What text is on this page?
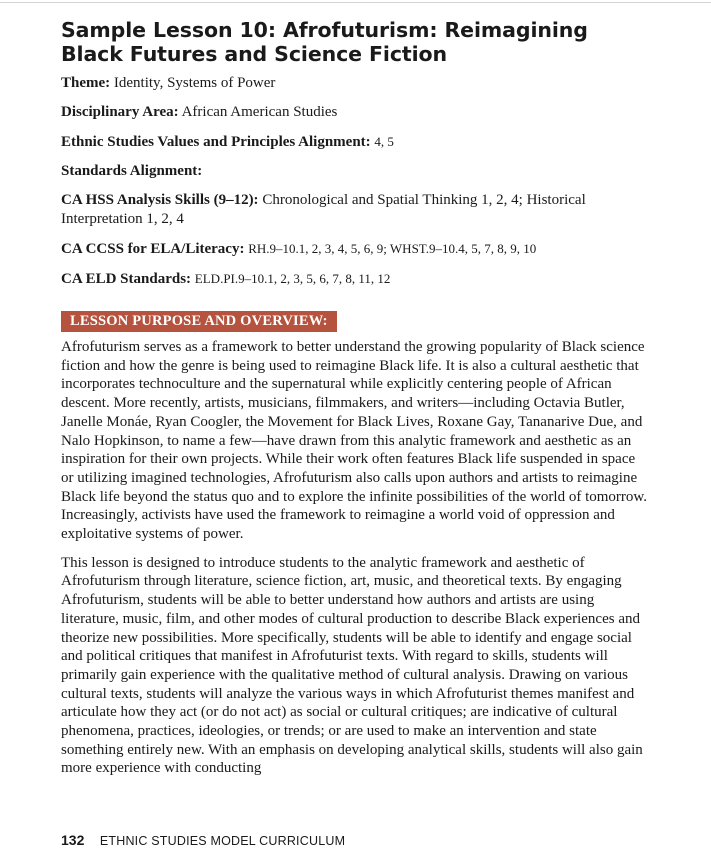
Sample Lesson 10: Afrofuturism: Reimagining Black Futures and Science Fiction

Theme: Identity, Systems of Power

Disciplinary Area: African American Studies

Ethnic Studies Values and Principles Alignment: 4, 5

Standards Alignment:

CA HSS Analysis Skills (9–12): Chronological and Spatial Thinking 1, 2, 4; Historical Interpretation 1, 2, 4

CA CCSS for ELA/Literacy: RH.9–10.1, 2, 3, 4, 5, 6, 9; WHST.9–10.4, 5, 7, 8, 9, 10

CA ELD Standards: ELD.PI.9–10.1, 2, 3, 5, 6, 7, 8, 11, 12

LESSON PURPOSE AND OVERVIEW:

Afrofuturism serves as a framework to better understand the growing popularity of Black science fiction and how the genre is being used to reimagine Black life. It is also a cultural aesthetic that incorporates technoculture and the supernatural while explicitly centering people of African descent. More recently, artists, musicians, filmmakers, and writers—including Octavia Butler, Janelle Monáe, Ryan Coogler, the Movement for Black Lives, Roxane Gay, Tananarive Due, and Nalo Hopkinson, to name a few—have drawn from this analytic framework and aesthetic as an inspiration for their own projects. While their work often features Black life suspended in space or utilizing imagined technologies, Afrofuturism also calls upon authors and artists to reimagine Black life beyond the status quo and to explore the infinite possibilities of the world of tomorrow. Increasingly, activists have used the framework to reimagine a world void of oppression and exploitative systems of power.

This lesson is designed to introduce students to the analytic framework and aesthetic of Afrofuturism through literature, science fiction, art, music, and theoretical texts. By engaging Afrofuturism, students will be able to better understand how authors and artists are using literature, music, film, and other modes of cultural production to describe Black experiences and theorize new possibilities. More specifically, students will be able to identify and engage social and political critiques that manifest in Afrofuturist texts. With regard to skills, students will primarily gain experience with the qualitative method of cultural analysis. Drawing on various cultural texts, students will analyze the various ways in which Afrofuturist themes manifest and articulate how they act (or do not act) as social or cultural critiques; are indicative of cultural phenomena, practices, ideologies, or trends; or are used to make an intervention and state something entirely new. With an emphasis on developing analytical skills, students will also gain more experience with conducting

132 ETHNIC STUDIES MODEL CURRICULUM
